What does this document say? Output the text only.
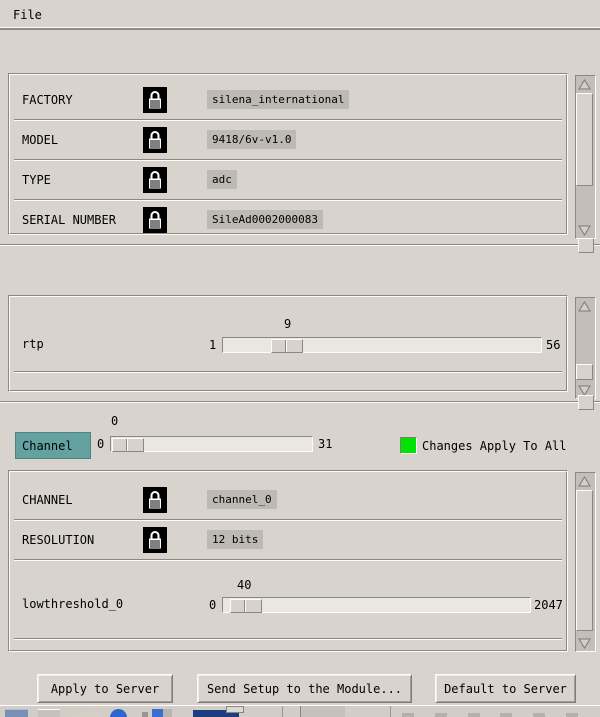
File
FACTORY	silena_international
MODEL	9418/6v-v1.0
TYPE	adc
SERIAL NUMBER	SileAd0002000083
rtp
9
1	56
Channel
0
0	31	Changes Apply To All
CHANNEL	channel_0
RESOLUTION	12 bits
lowthreshold_0
40
0	2047
Apply to Server	Send Setup to the Module...	Default to Server
